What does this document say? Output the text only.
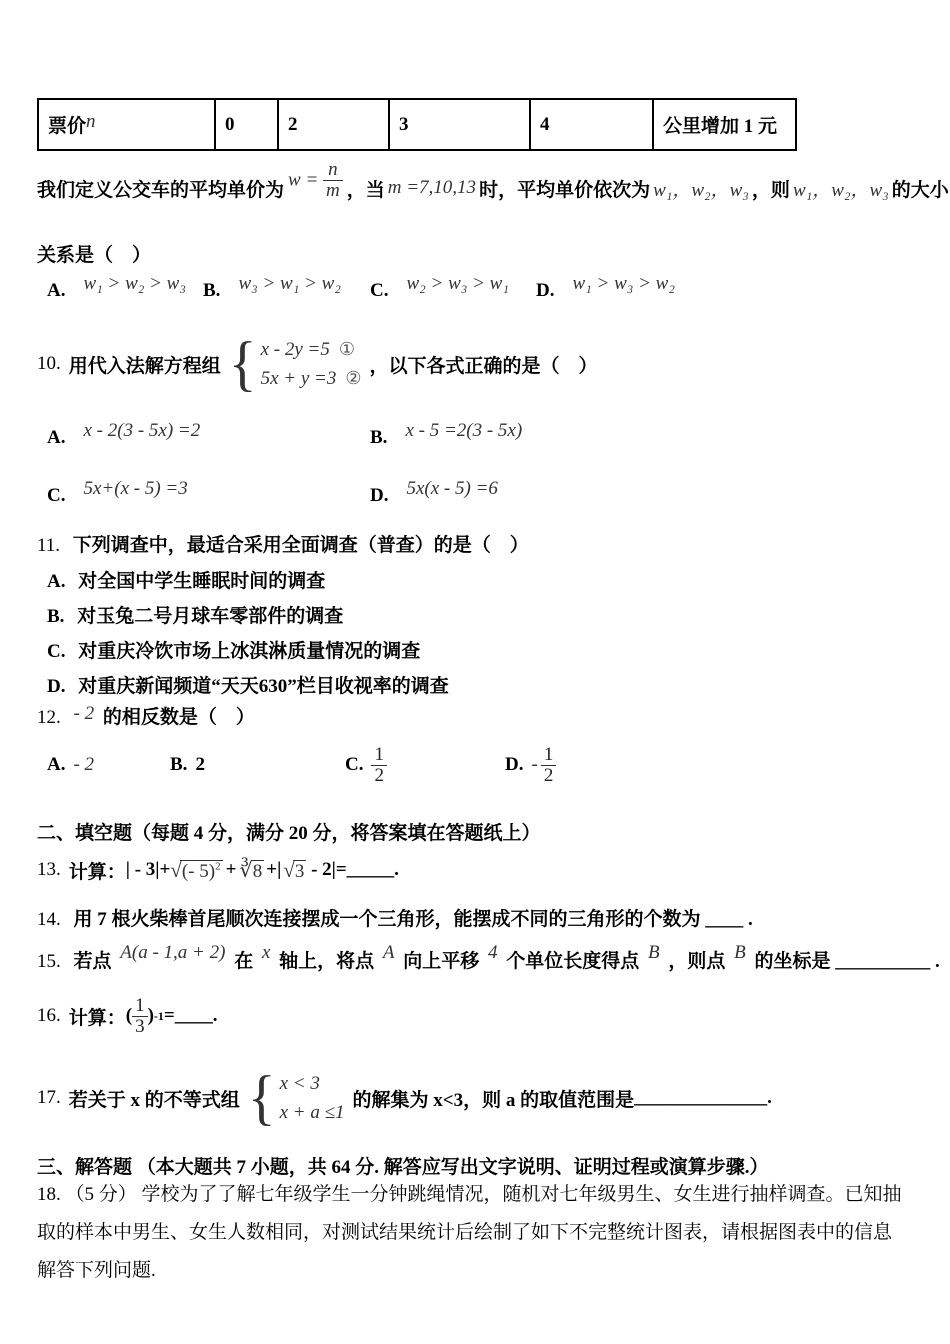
票价n	0	2	3	4	公里增加 1 元
我们定义公交车的平均单价为 $w = \frac{n}{m}$ ，当 m =7,10,13 时，平均单价依次为 w₁，w₂，w₃ ，则 w₁，w₂，w₃ 的大小
关系是（　）
A. w₁ > w₂ > w₃ B. w₃ > w₁ > w₂ C. w₂ > w₃ > w₁ D. w₁ > w₃ > w₂
10. 用代入法解方程组 { x - 2y =5 ①
5x + y =3 ②
，以下各式正确的是（　）
A. x - 2(3 - 5x) =2	B. x - 5 =2(3 - 5x)
C. 5x+(x - 5) =3	D. 5x(x - 5) =6
11. 下列调查中，最适合采用全面调查（普查）的是（　）
A. 对全国中学生睡眠时间的调查
B. 对玉兔二号月球车零部件的调查
C. 对重庆冷饮市场上冰淇淋质量情况的调查
D. 对重庆新闻频道“天天630”栏目收视率的调查
12. - 2 的相反数是（　）
A. - 2	B. 2	C. $\frac{1}{2}$	D. - $\frac{1}{2}$
二、填空题（每题 4 分，满分 20 分，将答案填在答题纸上）
13. 计算： | - 3|+ √(- 5)$^2$ + ∛8 +| √3 - 2|= _____ .
14. 用 7 根火柴棒首尾顺次连接摆成一个三角形，能摆成不同的三角形的个数为 ____ .
15. 若点 A(a - 1,a + 2) 在 x 轴上，将点 A 向上平移 4 个单位长度得点 B ，则点 B 的坐标是 __________ .
16. 计算： ( $\frac{1}{3}$ ) -1 = ____ .
17. 若关于 x 的不等式组 { x < 3
x + a ≤1
的解集为 x<3，则 a 的取值范围是 ______________ .
三、解答题 （本大题共 7 小题，共 64 分. 解答应写出文字说明、证明过程或演算步骤.）
18. （5 分） 学校为了了解七年级学生一分钟跳绳情况，随机对七年级男生、女生进行抽样调查。已知抽取的样本中男生、女生人数相同，对测试结果统计后绘制了如下不完整统计图表，请根据图表中的信息解答下列问题.
